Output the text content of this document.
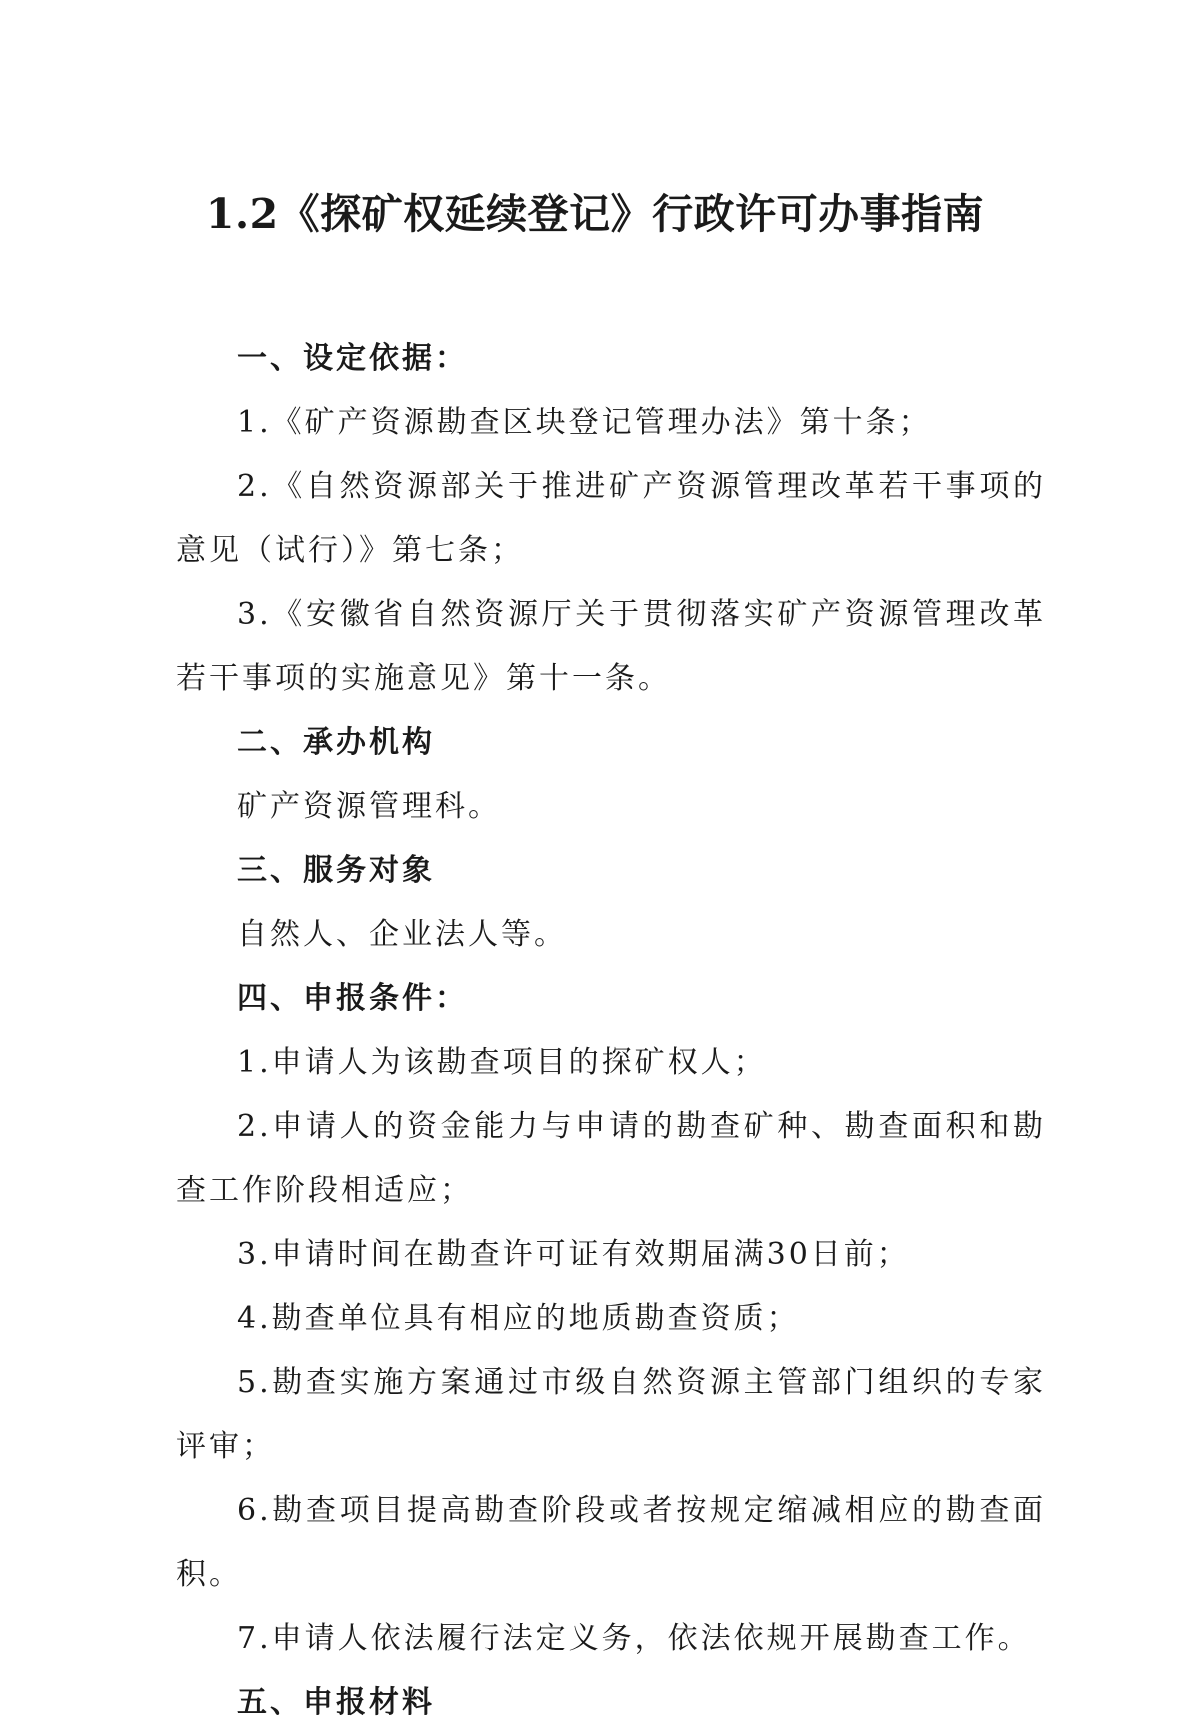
1.2《探矿权延续登记》行政许可办事指南

一、设定依据：

1.《矿产资源勘查区块登记管理办法》第十条；

2.《自然资源部关于推进矿产资源管理改革若干事项的意见（试行）》第七条；

3.《安徽省自然资源厅关于贯彻落实矿产资源管理改革若干事项的实施意见》第十一条。

二、承办机构

矿产资源管理科。

三、服务对象

自然人、企业法人等。

四、申报条件：

1.申请人为该勘查项目的探矿权人；

2.申请人的资金能力与申请的勘查矿种、勘查面积和勘查工作阶段相适应；

3.申请时间在勘查许可证有效期届满30日前；

4.勘查单位具有相应的地质勘查资质；

5.勘查实施方案通过市级自然资源主管部门组织的专家评审；

6.勘查项目提高勘查阶段或者按规定缩减相应的勘查面积。

7.申请人依法履行法定义务，依法依规开展勘查工作。

五、申报材料
